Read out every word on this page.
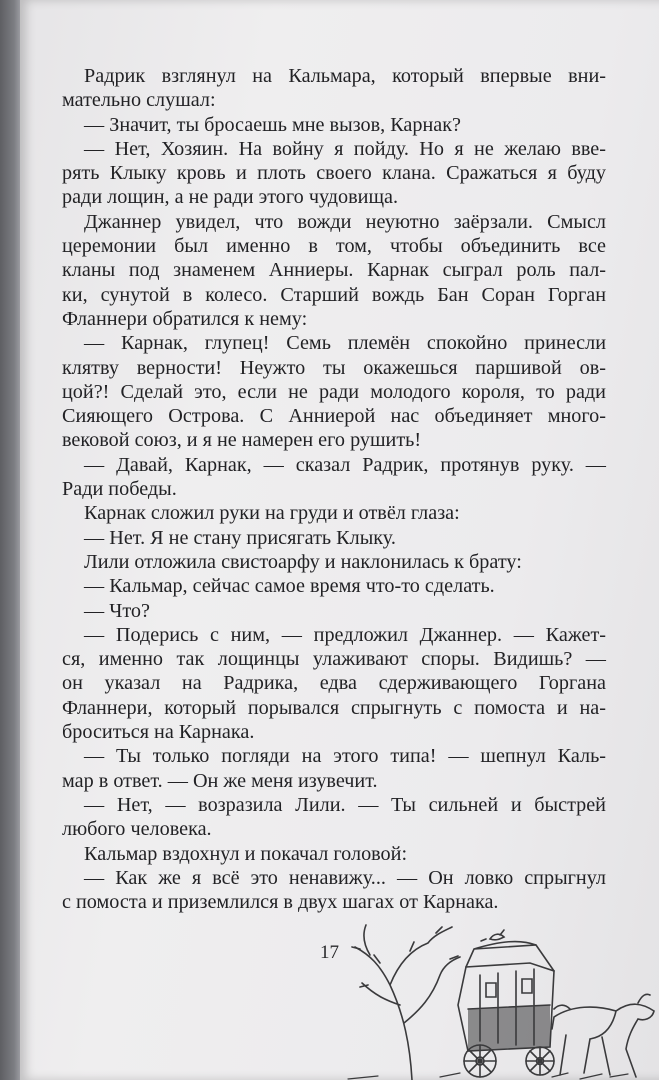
Радрик взглянул на Кальмара, который впервые вни-
мательно слушал:

— Значит, ты бросаешь мне вызов, Карнак?

— Нет, Хозяин. На войну я пойду. Но я не желаю вве-
рять Клыку кровь и плоть своего клана. Сражаться я буду
ради лощин, а не ради этого чудовища.

Джаннер увидел, что вожди неуютно заёрзали. Смысл
церемонии был именно в том, чтобы объединить все
кланы под знаменем Анниеры. Карнак сыграл роль пал-
ки, сунутой в колесо. Старший вождь Бан Соран Горган
Фланнери обратился к нему:

— Карнак, глупец! Семь племён спокойно принесли
клятву верности! Неужто ты окажешься паршивой ов-
цой?! Сделай это, если не ради молодого короля, то ради
Сияющего Острова. С Анниерой нас объединяет много-
вековой союз, и я не намерен его рушить!

— Давай, Карнак, — сказал Радрик, протянув руку. —
Ради победы.

Карнак сложил руки на груди и отвёл глаза:

— Нет. Я не стану присягать Клыку.

Лили отложила свистоарфу и наклонилась к брату:

— Кальмар, сейчас самое время что-то сделать.

— Что?

— Подерись с ним, — предложил Джаннер. — Кажет-
ся, именно так лощинцы улаживают споры. Видишь? —
он указал на Радрика, едва сдерживающего Горгана
Фланнери, который порывался спрыгнуть с помоста и на-
броситься на Карнака.

— Ты только погляди на этого типа! — шепнул Каль-
мар в ответ. — Он же меня изувечит.

— Нет, — возразила Лили. — Ты сильней и быстрей
любого человека.

Кальмар вздохнул и покачал головой:

— Как же я всё это ненавижу... — Он ловко спрыгнул
с помоста и приземлился в двух шагах от Карнака.

17
